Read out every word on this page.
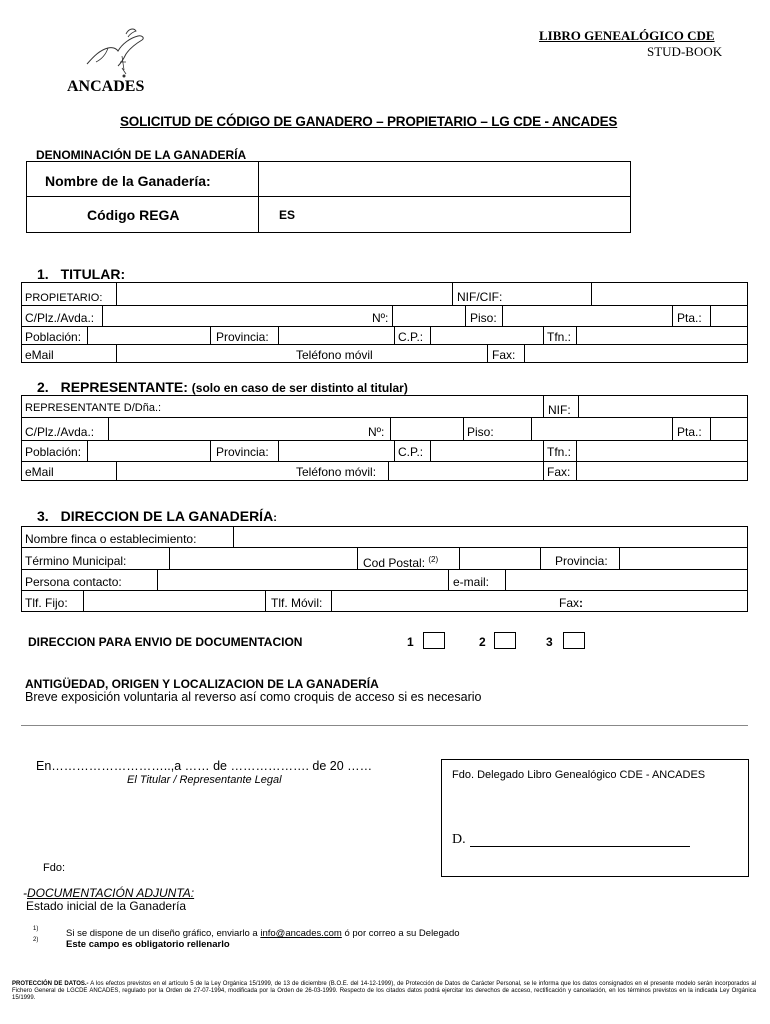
ANCADES
LIBRO GENEALÓGICO CDE
STUD-BOOK
SOLICITUD DE CÓDIGO DE GANADERO – PROPIETARIO – LG CDE - ANCADES
DENOMINACIÓN DE LA GANADERÍA
Nombre de la Ganadería:
Código REGA	ES
1. TITULAR:
PROPIETARIO:	NIF/CIF:
C/Plz./Avda.:	Nº:	Piso:	Pta.:
Población:	Provincia:	C.P.:	Tfn.:
eMail	Teléfono móvil	Fax:
2. REPRESENTANTE: (solo en caso de ser distinto al titular)
REPRESENTANTE D/Dña.:	NIF:
C/Plz./Avda.:	Nº:	Piso:	Pta.:
Población:	Provincia:	C.P.:	Tfn.:
eMail	Teléfono móvil:	Fax:
3. DIRECCION DE LA GANADERÍA:
Nombre finca o establecimiento:
Término Municipal:	Cod Postal: $^{(2)}$	Provincia:
Persona contacto:	e-mail:
Tlf. Fijo:	Tlf. Móvil:	Fax:
DIRECCION PARA ENVIO DE DOCUMENTACION	1	2	3
ANTIGÜEDAD, ORIGEN Y LOCALIZACION DE LA GANADERÍA
Breve exposición voluntaria al reverso así como croquis de acceso si es necesario
En………………………..,a …… de ………………. de 20 ……
El Titular / Representante Legal
Fdo:
Fdo. Delegado Libro Genealógico CDE - ANCADES
D.
-DOCUMENTACIÓN ADJUNTA:
Estado inicial de la Ganadería
1)	Si se dispone de un diseño gráfico, enviarlo a info@ancades.com ó por correo a su Delegado
2)	Este campo es obligatorio rellenarlo
PROTECCIÓN DE DATOS.- A los efectos previstos en el artículo 5 de la Ley Orgánica 15/1999, de 13 de diciembre (B.O.E. del 14-12-1999), de Protección de Datos de Carácter Personal, se le informa que los datos consignados en el presente modelo serán incorporados al Fichero General de LGCDE ANCADES, regulado por la Orden de 27-07-1994, modificada por la Orden de 26-03-1999. Respecto de los citados datos podrá ejercitar los derechos de acceso, rectificación y cancelación, en los términos previstos en la indicada Ley Orgánica 15/1999.
